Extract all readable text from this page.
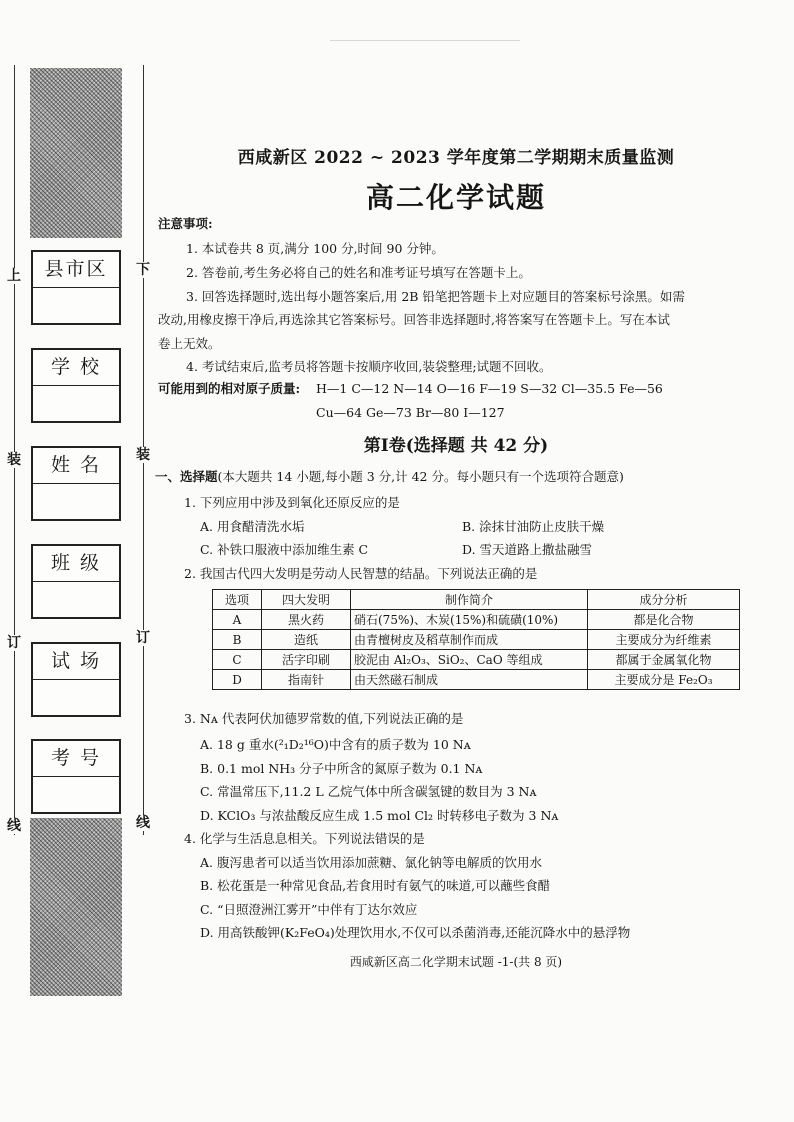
县市区
学 校
姓 名
班 级
试 场
考 号
上
装
订
线
下
装
订
线
西咸新区 2022 ~ 2023 学年度第二学期期末质量监测
高二化学试题
注意事项:
1. 本试卷共 8 页,满分 100 分,时间 90 分钟。
2. 答卷前,考生务必将自己的姓名和准考证号填写在答题卡上。
3. 回答选择题时,选出每小题答案后,用 2B 铅笔把答题卡上对应题目的答案标号涂黑。如需
改动,用橡皮擦干净后,再选涂其它答案标号。回答非选择题时,将答案写在答题卡上。写在本试
卷上无效。
4. 考试结束后,监考员将答题卡按顺序收回,装袋整理;试题不回收。
可能用到的相对原子质量: H—1 C—12 N—14 O—16 F—19 S—32 Cl—35.5 Fe—56
Cu—64 Ge—73 Br—80 I—127
第Ⅰ卷(选择题 共 42 分)
一、选择题(本大题共 14 小题,每小题 3 分,计 42 分。每小题只有一个选项符合题意)
1. 下列应用中涉及到氧化还原反应的是
A. 用食醋清洗水垢	B. 涂抹甘油防止皮肤干燥
C. 补铁口服液中添加维生素 C	D. 雪天道路上撒盐融雪
2. 我国古代四大发明是劳动人民智慧的结晶。下列说法正确的是
选项	四大发明	制作简介	成分分析
A	黑火药	硝石(75%)、木炭(15%)和硫磺(10%)	都是化合物
B	造纸	由青檀树皮及稻草制作而成	主要成分为纤维素
C	活字印刷	胶泥由 Al₂O₃、SiO₂、CaO 等组成	都属于金属氧化物
D	指南针	由天然磁石制成	主要成分是 Fe₂O₃
3. Nᴀ 代表阿伏加德罗常数的值,下列说法正确的是
A. 18 g 重水(²₁D₂¹⁶O)中含有的质子数为 10 Nᴀ
B. 0.1 mol NH₃ 分子中所含的氮原子数为 0.1 Nᴀ
C. 常温常压下,11.2 L 乙烷气体中所含碳氢键的数目为 3 Nᴀ
D. KClO₃ 与浓盐酸反应生成 1.5 mol Cl₂ 时转移电子数为 3 Nᴀ
4. 化学与生活息息相关。下列说法错误的是
A. 腹泻患者可以适当饮用添加蔗糖、氯化钠等电解质的饮用水
B. 松花蛋是一种常见食品,若食用时有氨气的味道,可以蘸些食醋
C. “日照澄洲江雾开”中伴有丁达尔效应
D. 用高铁酸钾(K₂FeO₄)处理饮用水,不仅可以杀菌消毒,还能沉降水中的悬浮物
西咸新区高二化学期末试题 -1-(共 8 页)
